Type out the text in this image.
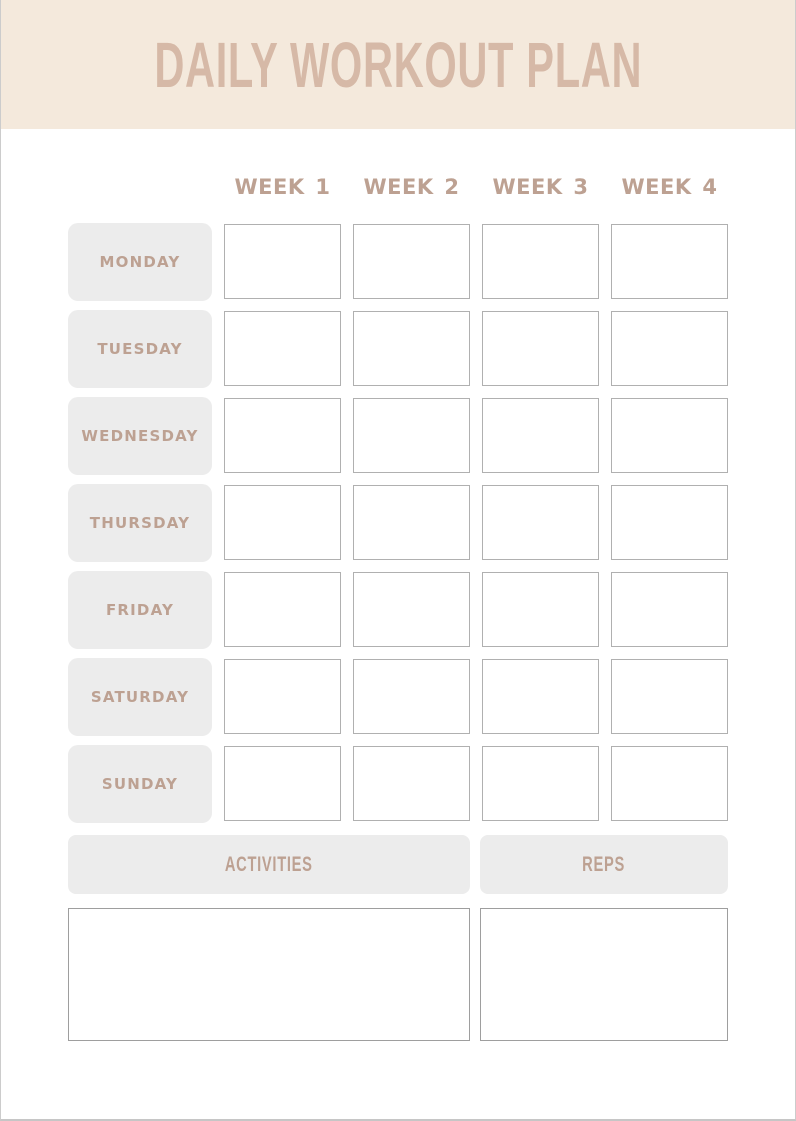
DAILY WORKOUT PLAN
WEEK 1	WEEK 2	WEEK 3	WEEK 4
MONDAY
TUESDAY
WEDNESDAY
THURSDAY
FRIDAY
SATURDAY
SUNDAY
ACTIVITIES	REPS
